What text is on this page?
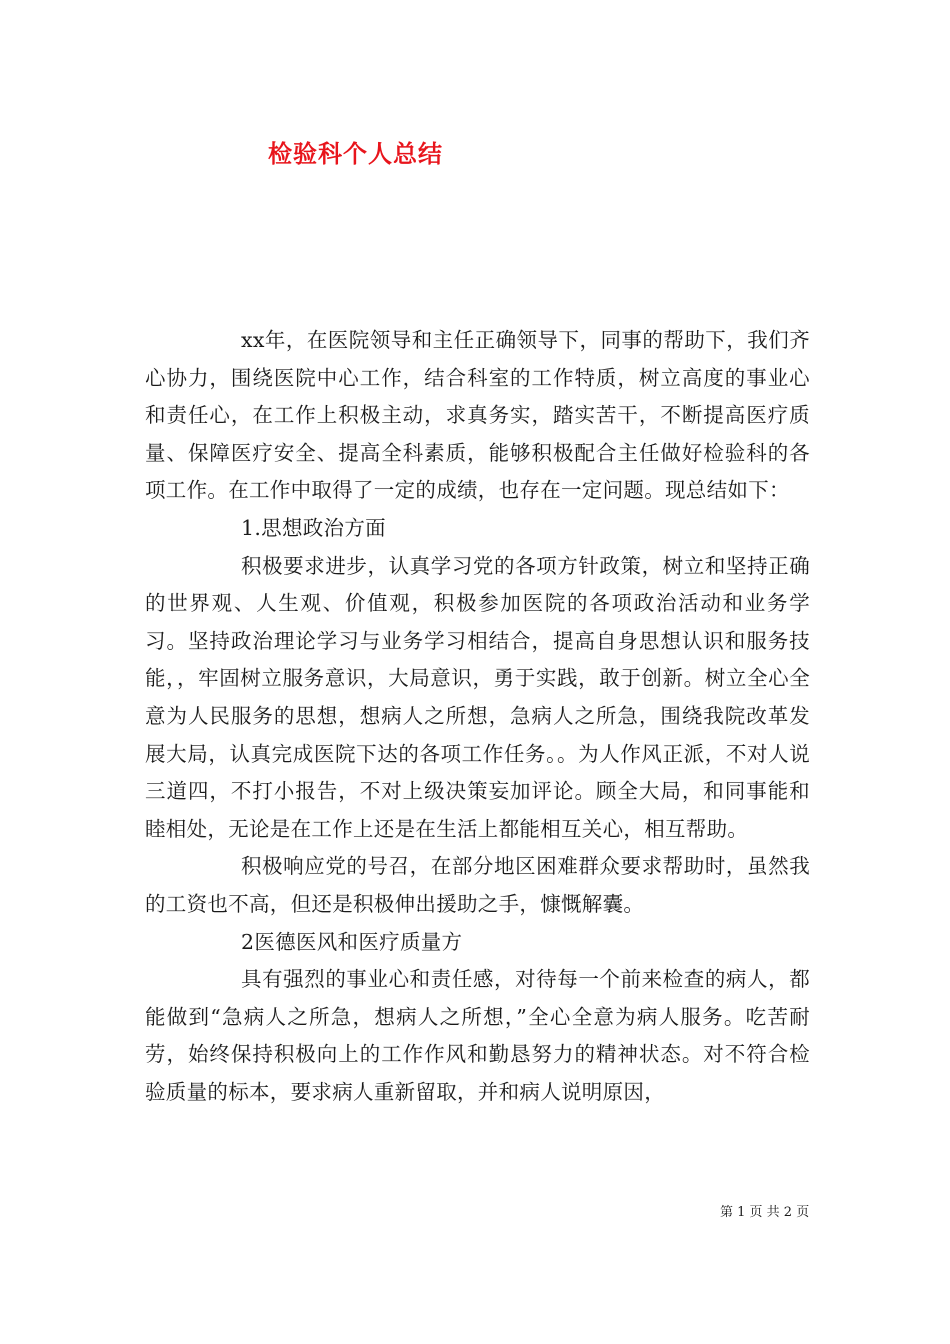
检验科个人总结

xx年，在医院领导和主任正确领导下，同事的帮助下，我们齐心协力，围绕医院中心工作，结合科室的工作特质，树立高度的事业心和责任心，在工作上积极主动，求真务实，踏实苦干，不断提高医疗质量、保障医疗安全、提高全科素质，能够积极配合主任做好检验科的各项工作。在工作中取得了一定的成绩，也存在一定问题。现总结如下：

1.思想政治方面

积极要求进步，认真学习党的各项方针政策，树立和坚持正确的世界观、人生观、价值观，积极参加医院的各项政治活动和业务学习。坚持政治理论学习与业务学习相结合，提高自身思想认识和服务技能，，牢固树立服务意识，大局意识，勇于实践，敢于创新。树立全心全意为人民服务的思想，想病人之所想，急病人之所急，围绕我院改革发展大局，认真完成医院下达的各项工作任务。。为人作风正派，不对人说三道四，不打小报告，不对上级决策妄加评论。顾全大局，和同事能和睦相处，无论是在工作上还是在生活上都能相互关心，相互帮助。

积极响应党的号召，在部分地区困难群众要求帮助时，虽然我的工资也不高，但还是积极伸出援助之手，慷慨解囊。

2医德医风和医疗质量方

具有强烈的事业心和责任感，对待每一个前来检查的病人，都能做到“急病人之所急，想病人之所想，”全心全意为病人服务。吃苦耐劳，始终保持积极向上的工作作风和勤恳努力的精神状态。对不符合检验质量的标本，要求病人重新留取，并和病人说明原因，

第 1 页 共 2 页
